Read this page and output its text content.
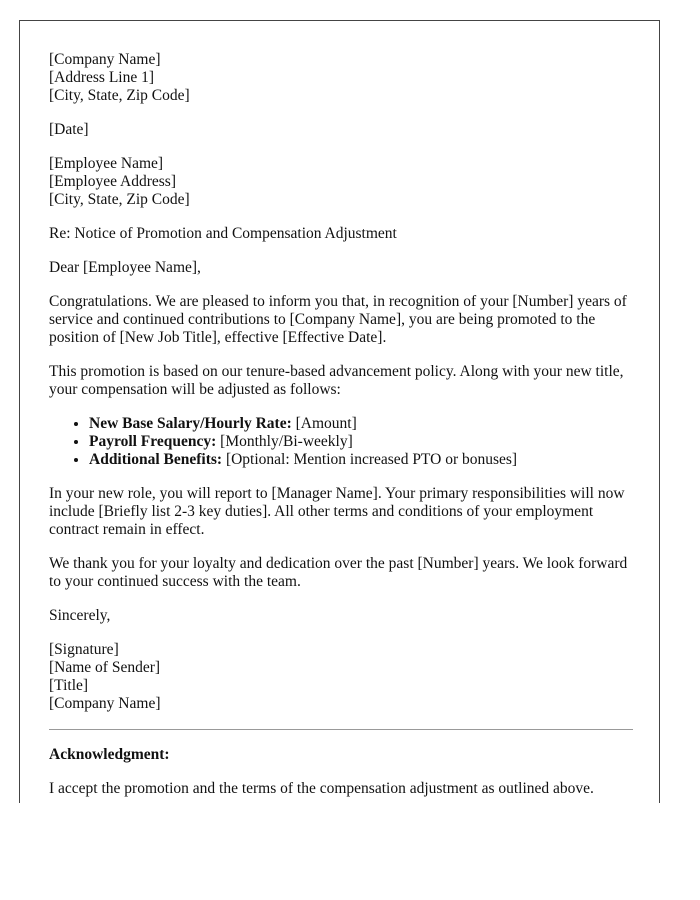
[Company Name]
[Address Line 1]
[City, State, Zip Code]
[Date]
[Employee Name]
[Employee Address]
[City, State, Zip Code]

Re: Notice of Promotion and Compensation Adjustment

Dear [Employee Name],

Congratulations. We are pleased to inform you that, in recognition of your [Number] years of service and continued contributions to [Company Name], you are being promoted to the position of [New Job Title], effective [Effective Date].

This promotion is based on our tenure-based advancement policy. Along with your new title, your compensation will be adjusted as follows:

• New Base Salary/Hourly Rate: [Amount]
• Payroll Frequency: [Monthly/Bi-weekly]
• Additional Benefits: [Optional: Mention increased PTO or bonuses]

In your new role, you will report to [Manager Name]. Your primary responsibilities will now include [Briefly list 2-3 key duties]. All other terms and conditions of your employment contract remain in effect.

We thank you for your loyalty and dedication over the past [Number] years. We look forward to your continued success with the team.

Sincerely,

[Signature]
[Name of Sender]
[Title]
[Company Name]

Acknowledgment:

I accept the promotion and the terms of the compensation adjustment as outlined above.
